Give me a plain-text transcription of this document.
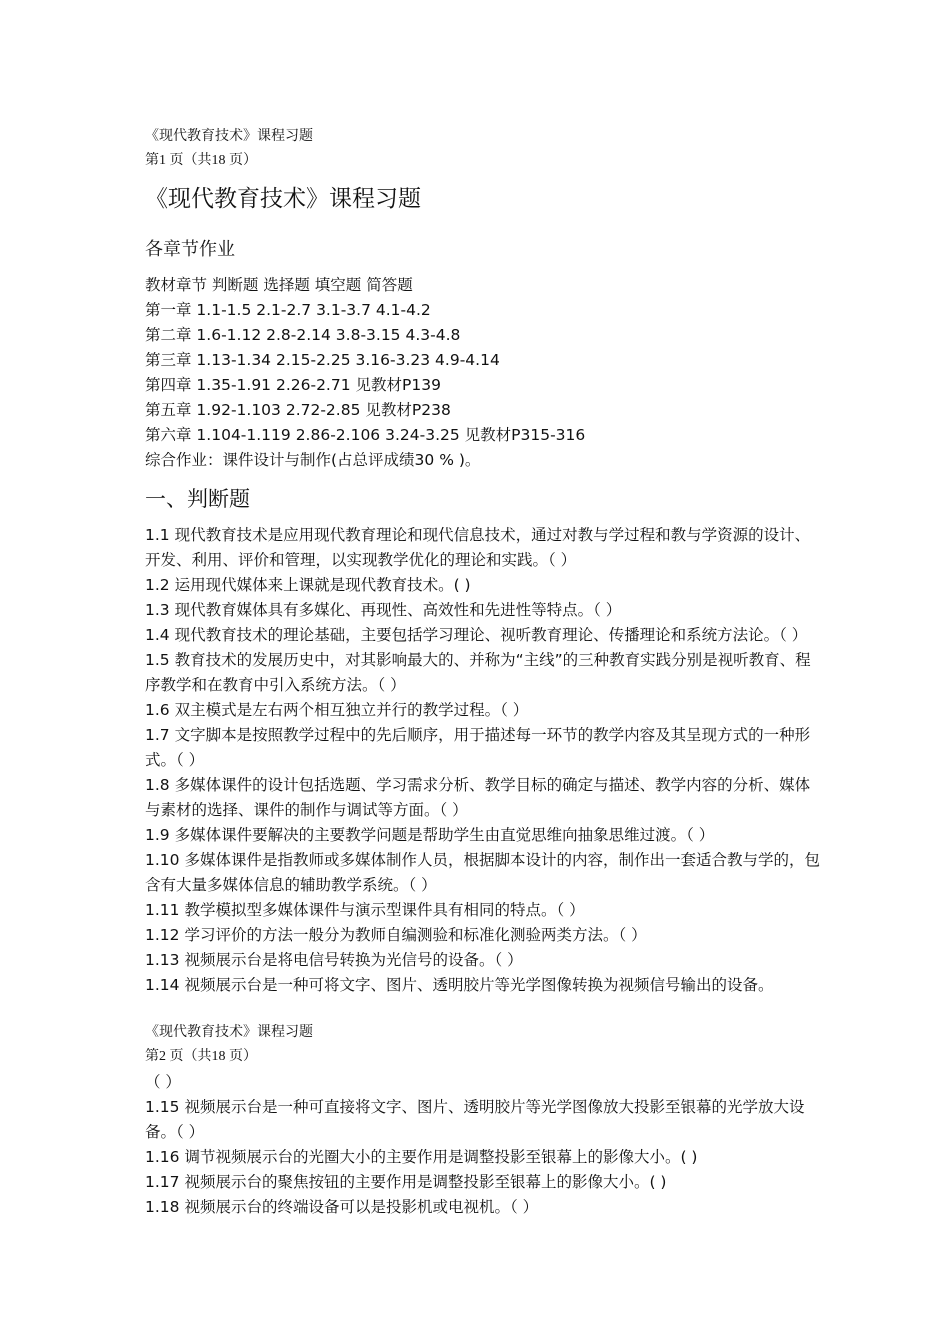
《现代教育技术》课程习题
第1 页（共18 页）
《现代教育技术》课程习题
各章节作业
教材章节 判断题 选择题 填空题 简答题
第一章 1.1-1.5 2.1-2.7 3.1-3.7 4.1-4.2
第二章 1.6-1.12 2.8-2.14 3.8-3.15 4.3-4.8
第三章 1.13-1.34 2.15-2.25 3.16-3.23 4.9-4.14
第四章 1.35-1.91 2.26-2.71 见教材P139
第五章 1.92-1.103 2.72-2.85 见教材P238
第六章 1.104-1.119 2.86-2.106 3.24-3.25 见教材P315-316
综合作业：课件设计与制作(占总评成绩30 % )。
一、判断题
1.1 现代教育技术是应用现代教育理论和现代信息技术，通过对教与学过程和教与学资源的设计、开发、利用、评价和管理，以实现教学优化的理论和实践。（ ）
1.2 运用现代媒体来上课就是现代教育技术。( )
1.3 现代教育媒体具有多媒化、再现性、高效性和先进性等特点。（ ）
1.4 现代教育技术的理论基础，主要包括学习理论、视听教育理论、传播理论和系统方法论。（ ）
1.5 教育技术的发展历史中，对其影响最大的、并称为“主线”的三种教育实践分别是视听教育、程序教学和在教育中引入系统方法。（ ）
1.6 双主模式是左右两个相互独立并行的教学过程。（ ）
1.7 文字脚本是按照教学过程中的先后顺序，用于描述每一环节的教学内容及其呈现方式的一种形式。（ ）
1.8 多媒体课件的设计包括选题、学习需求分析、教学目标的确定与描述、教学内容的分析、媒体与素材的选择、课件的制作与调试等方面。（ ）
1.9 多媒体课件要解决的主要教学问题是帮助学生由直觉思维向抽象思维过渡。（ ）
1.10 多媒体课件是指教师或多媒体制作人员，根据脚本设计的内容，制作出一套适合教与学的，包含有大量多媒体信息的辅助教学系统。（ ）
1.11 教学模拟型多媒体课件与演示型课件具有相同的特点。（ ）
1.12 学习评价的方法一般分为教师自编测验和标准化测验两类方法。（ ）
1.13 视频展示台是将电信号转换为光信号的设备。（ ）
1.14 视频展示台是一种可将文字、图片、透明胶片等光学图像转换为视频信号输出的设备。
《现代教育技术》课程习题
第2 页（共18 页）
（ ）
1.15 视频展示台是一种可直接将文字、图片、透明胶片等光学图像放大投影至银幕的光学放大设备。（ ）
1.16 调节视频展示台的光圈大小的主要作用是调整投影至银幕上的影像大小。( )
1.17 视频展示台的聚焦按钮的主要作用是调整投影至银幕上的影像大小。( )
1.18 视频展示台的终端设备可以是投影机或电视机。（ ）
